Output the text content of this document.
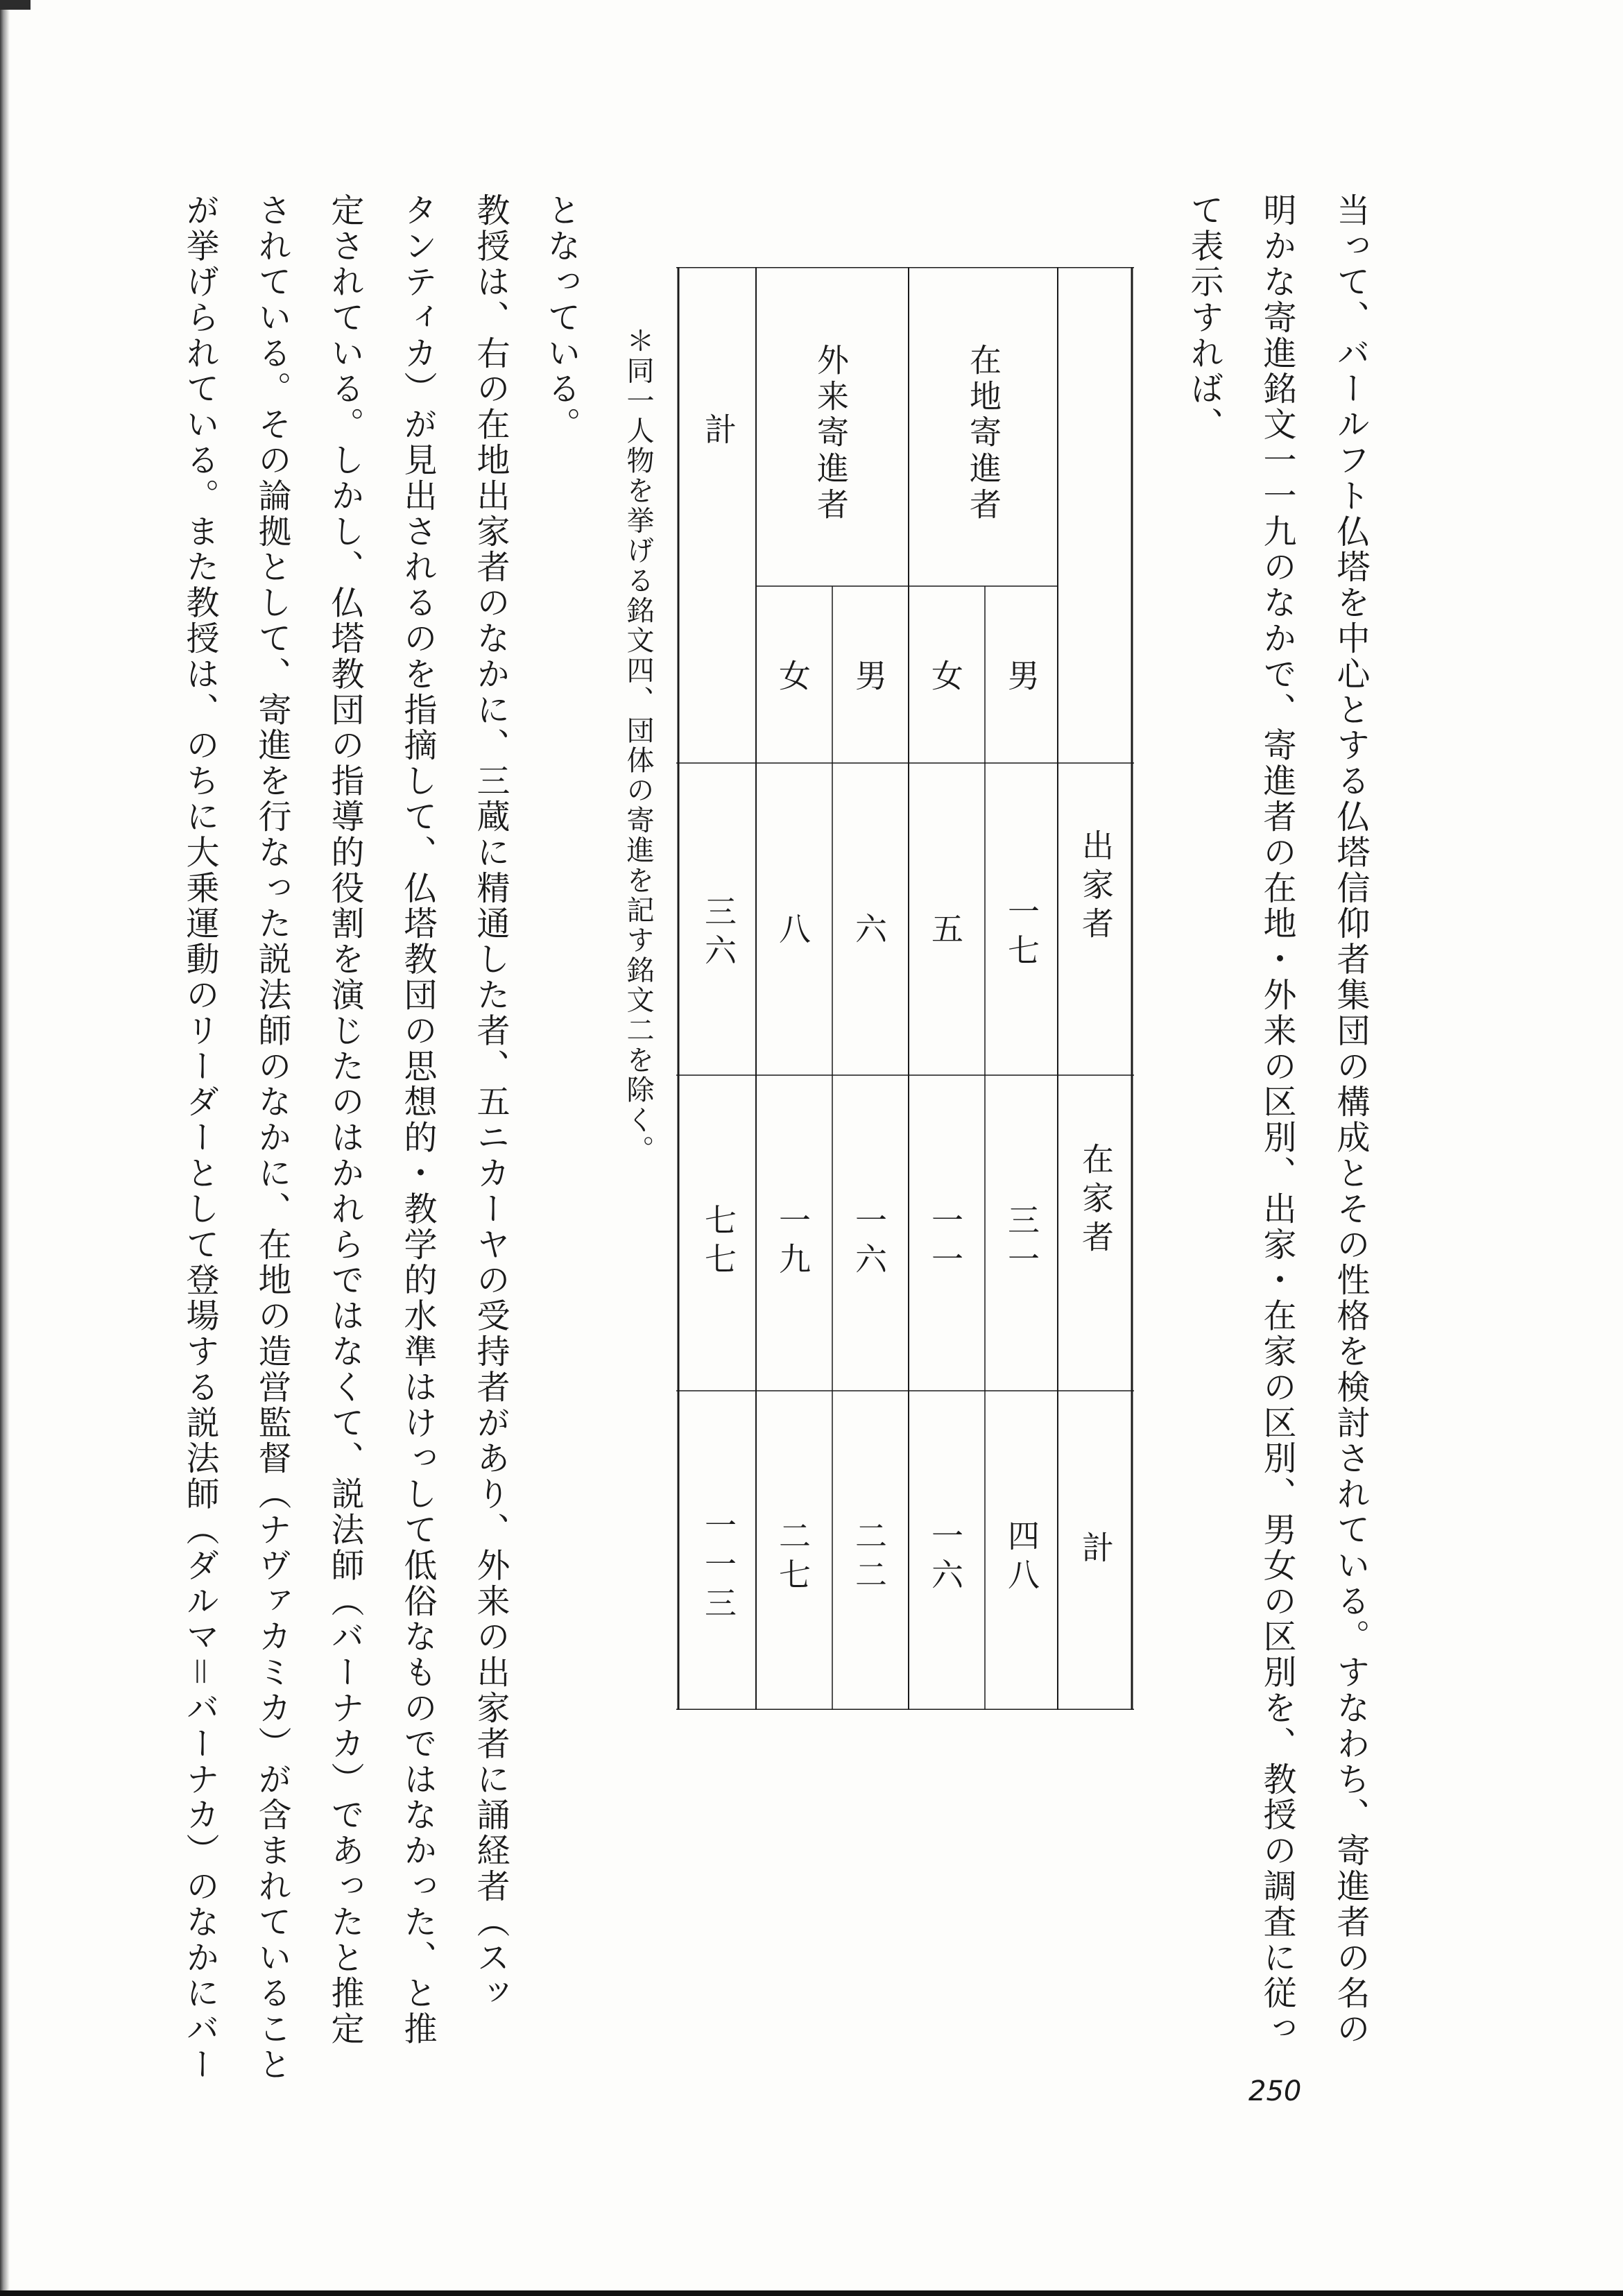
当って、バールフト仏塔を中心とする仏塔信仰者集団の構成とその性格を検討されている。すなわち、寄進者の名の
明かな寄進銘文一一九のなかで、寄進者の在地・外来の区別、出家・在家の区別、男女の区別を、教授の調査に従っ
て表示すれば、
出家者
在家者
計
在地寄進者
外来寄進者
計
男
女
男
女
一七
三一
四八
五
一一
一六
六
一六
二二
八
一九
二七
三六
七七
一一三
＊同一人物を挙げる銘文四、団体の寄進を記す銘文二を除く。
となっている。
教授は、右の在地出家者のなかに、三蔵に精通した者、五ニカーヤの受持者があり、外来の出家者に誦経者（スッ
タンティカ）が見出されるのを指摘して、仏塔教団の思想的・教学的水準はけっして低俗なものではなかった、と推
定されている。しかし、仏塔教団の指導的役割を演じたのはかれらではなくて、説法師（バーナカ）であったと推定
されている。その論拠として、寄進を行なった説法師のなかに、在地の造営監督（ナヴァカミカ）が含まれていること
が挙げられている。また教授は、のちに大乗運動のリーダーとして登場する説法師（ダルマ＝バーナカ）のなかにバー
250
